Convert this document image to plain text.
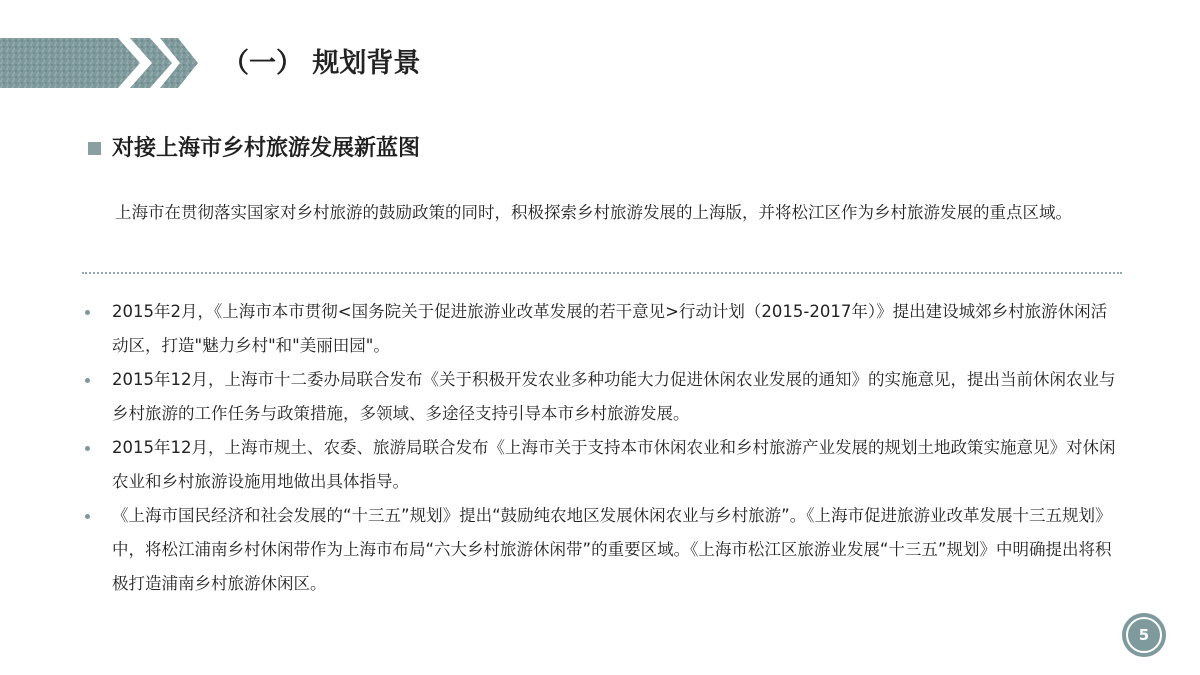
（一） 规划背景
对接上海市乡村旅游发展新蓝图
上海市在贯彻落实国家对乡村旅游的鼓励政策的同时，积极探索乡村旅游发展的上海版，并将松江区作为乡村旅游发展的重点区域。
2015年2月，《上海市本市贯彻<国务院关于促进旅游业改革发展的若干意见>行动计划（2015-2017年）》提出建设城郊乡村旅游休闲活动区，打造"魅力乡村"和"美丽田园"。
2015年12月，上海市十二委办局联合发布《关于积极开发农业多种功能大力促进休闲农业发展的通知》的实施意见，提出当前休闲农业与乡村旅游的工作任务与政策措施，多领域、多途径支持引导本市乡村旅游发展。
2015年12月，上海市规土、农委、旅游局联合发布《上海市关于支持本市休闲农业和乡村旅游产业发展的规划土地政策实施意见》对休闲农业和乡村旅游设施用地做出具体指导。
《上海市国民经济和社会发展的“十三五”规划》提出“鼓励纯农地区发展休闲农业与乡村旅游”。《上海市促进旅游业改革发展十三五规划》中，将松江浦南乡村休闲带作为上海市布局“六大乡村旅游休闲带”的重要区域。《上海市松江区旅游业发展“十三五”规划》中明确提出将积极打造浦南乡村旅游休闲区。
5
